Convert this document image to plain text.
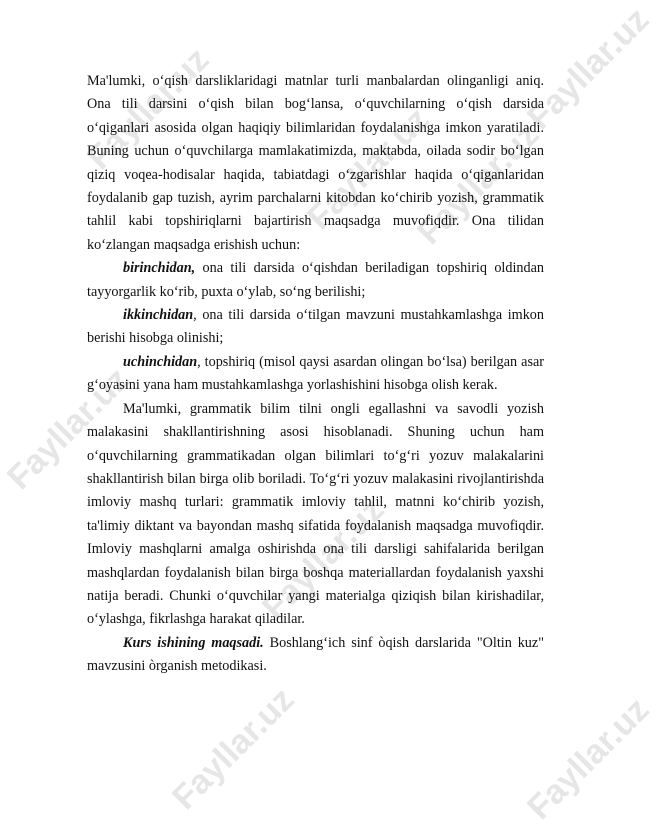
Fayllar.uz
Fayllar.uz
Fayllar.uz
Fayllar.uz
Fayllar.uz
Fayllar.uz	Fayllar.uz
Fayllar.uz

Ma'lumki, o‘qish darsliklaridagi matnlar turli manbalardan olinganligi aniq. Ona tili darsini o‘qish bilan bog‘lansa, o‘quvchilarning o‘qish darsida o‘qiganlari asosida olgan haqiqiy bilimlaridan foydalanishga imkon yaratiladi. Buning uchun o‘quvchilarga mamlakatimizda, maktabda, oilada sodir bo‘lgan qiziq voqea-hodisalar haqida, tabiatdagi o‘zgarishlar haqida o‘qiganlaridan foydalanib gap tuzish, ayrim parchalarni kitobdan ko‘chirib yozish, grammatik tahlil kabi topshiriqlarni bajartirish maqsadga muvofiqdir. Ona tilidan ko‘zlangan maqsadga erishish uchun:

birinchidan, ona tili darsida o‘qishdan beriladigan topshiriq oldindan tayyorgarlik ko‘rib, puxta o‘ylab, so‘ng berilishi;

ikkinchidan, ona tili darsida o‘tilgan mavzuni mustahkamlashga imkon berishi hisobga olinishi;

uchinchidan, topshiriq (misol qaysi asardan olingan bo‘lsa) berilgan asar g‘oyasini yana ham mustahkamlashga yorlashishini hisobga olish kerak.

Ma'lumki, grammatik bilim tilni ongli egallashni va savodli yozish malakasini shakllantirishning asosi hisoblanadi. Shuning uchun ham o‘quvchilarning grammatikadan olgan bilimlari to‘g‘ri yozuv malakalarini shakllantirish bilan birga olib boriladi. To‘g‘ri yozuv malakasini rivojlantirishda imloviy mashq turlari: grammatik imloviy tahlil, matnni ko‘chirib yozish, ta'limiy diktant va bayondan mashq sifatida foydalanish maqsadga muvofiqdir. Imloviy mashqlarni amalga oshirishda ona tili darsligi sahifalarida berilgan mashqlardan foydalanish bilan birga boshqa materiallardan foydalanish yaxshi natija beradi. Chunki o‘quvchilar yangi materialga qiziqish bilan kirishadilar, o‘ylashga, fikrlashga harakat qiladilar.

Kurs ishining maqsadi. Boshlang‘ich sinf òqish darslarida "Oltin kuz" mavzusini òrganish metodikasi.
